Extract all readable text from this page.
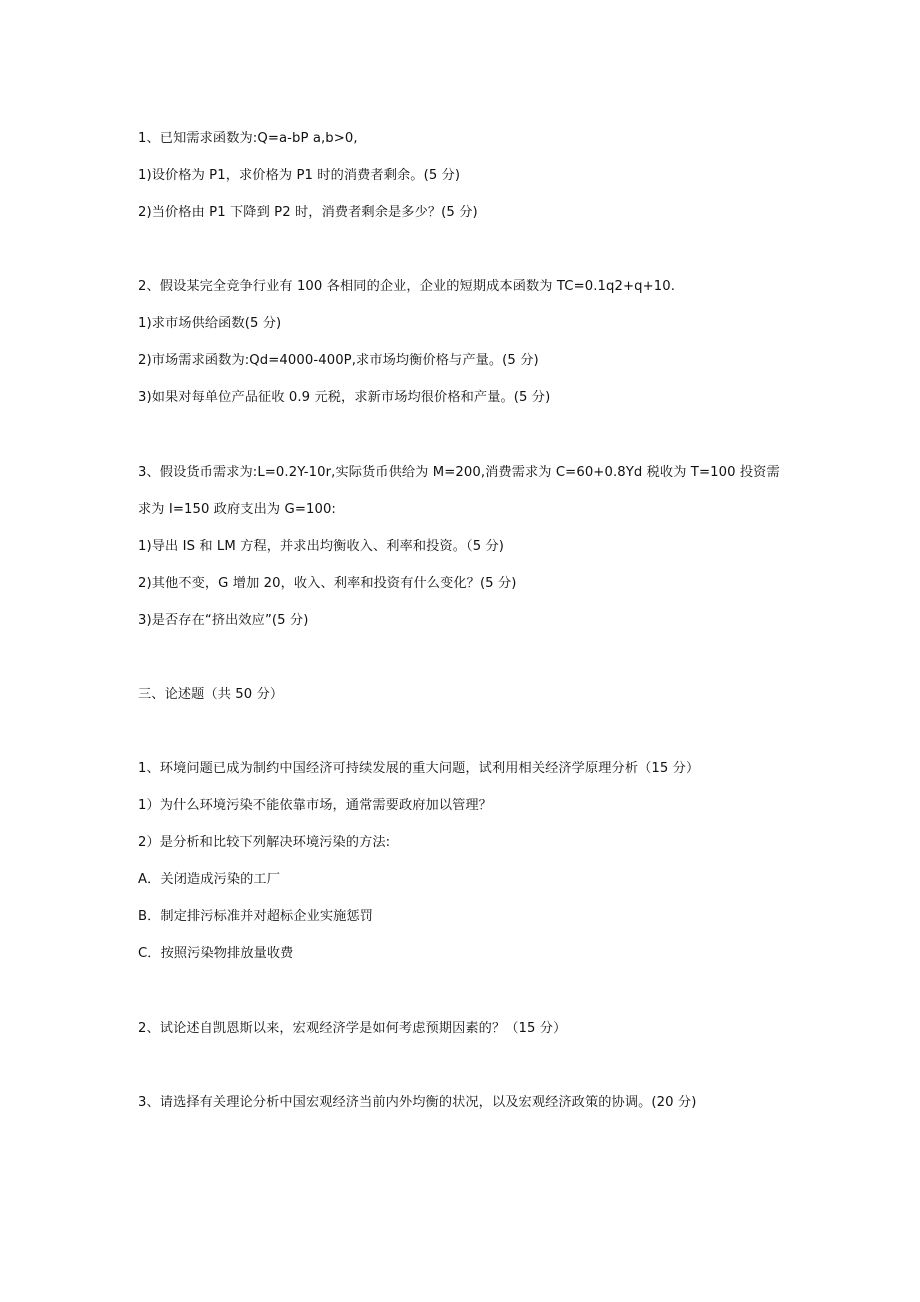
1、已知需求函数为:Q=a-bP a,b>0,
1)设价格为 P1，求价格为 P1 时的消费者剩余。(5 分)
2)当价格由 P1 下降到 P2 时，消费者剩余是多少？(5 分)
2、假设某完全竞争行业有 100 各相同的企业，企业的短期成本函数为 TC=0.1q2+q+10.
1)求市场供给函数(5 分)
2)市场需求函数为:Qd=4000-400P,求市场均衡价格与产量。(5 分)
3)如果对每单位产品征收 0.9 元税，求新市场均很价格和产量。(5 分)
3、假设货币需求为:L=0.2Y-10r,实际货币供给为 M=200,消费需求为 C=60+0.8Yd 税收为 T=100 投资需
求为 I=150 政府支出为 G=100:
1)导出 IS 和 LM 方程，并求出均衡收入、利率和投资。（5 分)
2)其他不变，G 增加 20，收入、利率和投资有什么变化？(5 分)
3)是否存在“挤出效应”(5 分)
三、论述题（共 50 分）
1、环境问题已成为制约中国经济可持续发展的重大问题，试利用相关经济学原理分析（15 分）
1）为什么环境污染不能依靠市场，通常需要政府加以管理？
2）是分析和比较下列解决环境污染的方法:
A．关闭造成污染的工厂
B．制定排污标准并对超标企业实施惩罚
C．按照污染物排放量收费
2、试论述自凯恩斯以来，宏观经济学是如何考虑预期因素的？（15 分）
3、请选择有关理论分析中国宏观经济当前内外均衡的状况，以及宏观经济政策的协调。(20 分)
